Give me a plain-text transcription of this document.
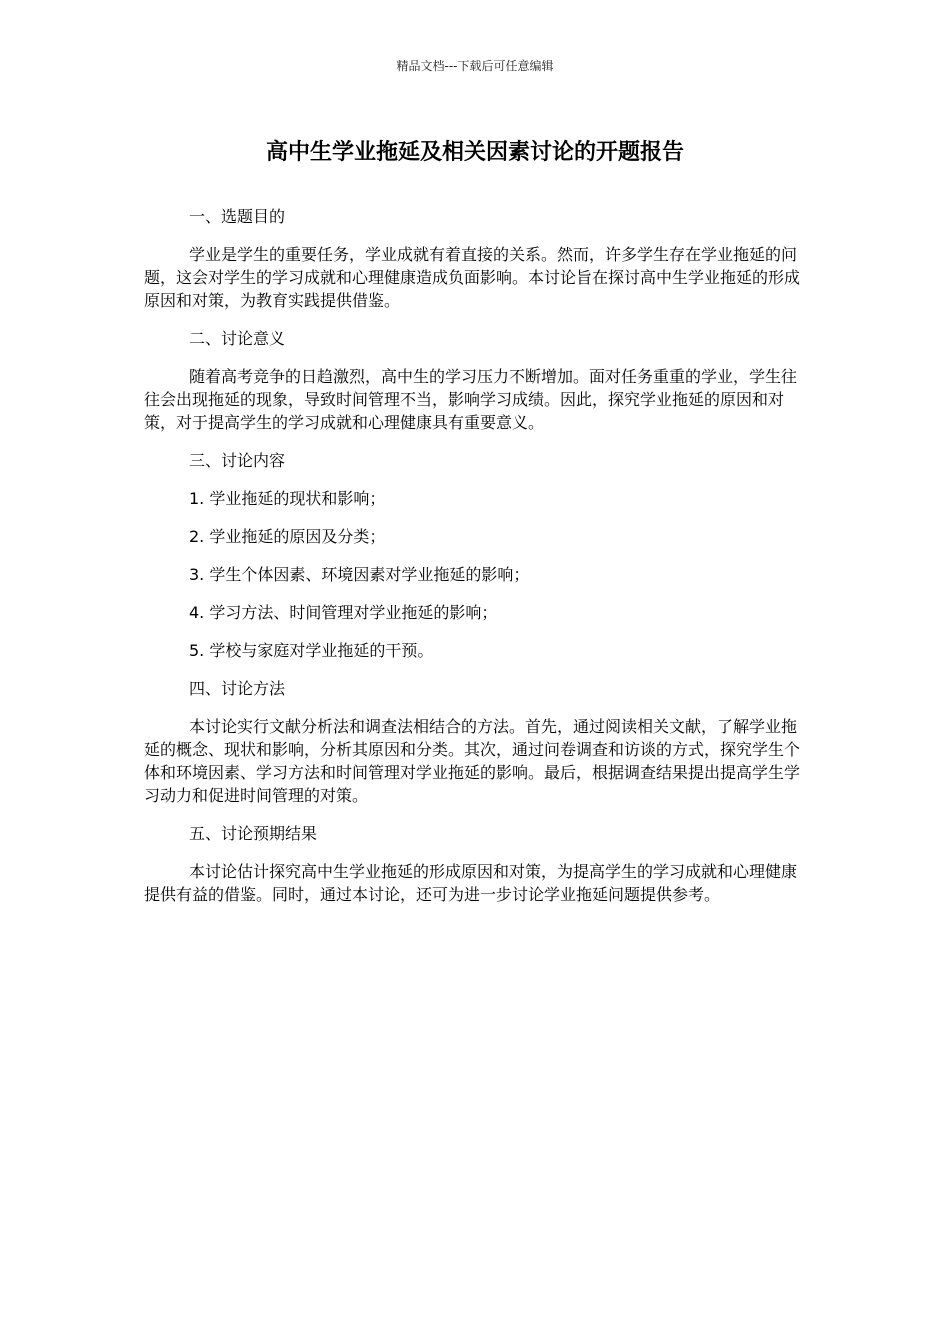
精品文档---下载后可任意编辑
高中生学业拖延及相关因素讨论的开题报告
一、选题目的
学业是学生的重要任务，学业成就有着直接的关系。然而，许多学生存在学业拖延的问题，这会对学生的学习成就和心理健康造成负面影响。本讨论旨在探讨高中生学业拖延的形成原因和对策，为教育实践提供借鉴。
二、讨论意义
随着高考竞争的日趋激烈，高中生的学习压力不断增加。面对任务重重的学业，学生往往会出现拖延的现象，导致时间管理不当，影响学习成绩。因此，探究学业拖延的原因和对策，对于提高学生的学习成就和心理健康具有重要意义。
三、讨论内容
1. 学业拖延的现状和影响；
2. 学业拖延的原因及分类；
3. 学生个体因素、环境因素对学业拖延的影响；
4. 学习方法、时间管理对学业拖延的影响；
5. 学校与家庭对学业拖延的干预。
四、讨论方法
本讨论实行文献分析法和调查法相结合的方法。首先，通过阅读相关文献，了解学业拖延的概念、现状和影响，分析其原因和分类。其次，通过问卷调查和访谈的方式，探究学生个体和环境因素、学习方法和时间管理对学业拖延的影响。最后，根据调查结果提出提高学生学习动力和促进时间管理的对策。
五、讨论预期结果
本讨论估计探究高中生学业拖延的形成原因和对策，为提高学生的学习成就和心理健康提供有益的借鉴。同时，通过本讨论，还可为进一步讨论学业拖延问题提供参考。
